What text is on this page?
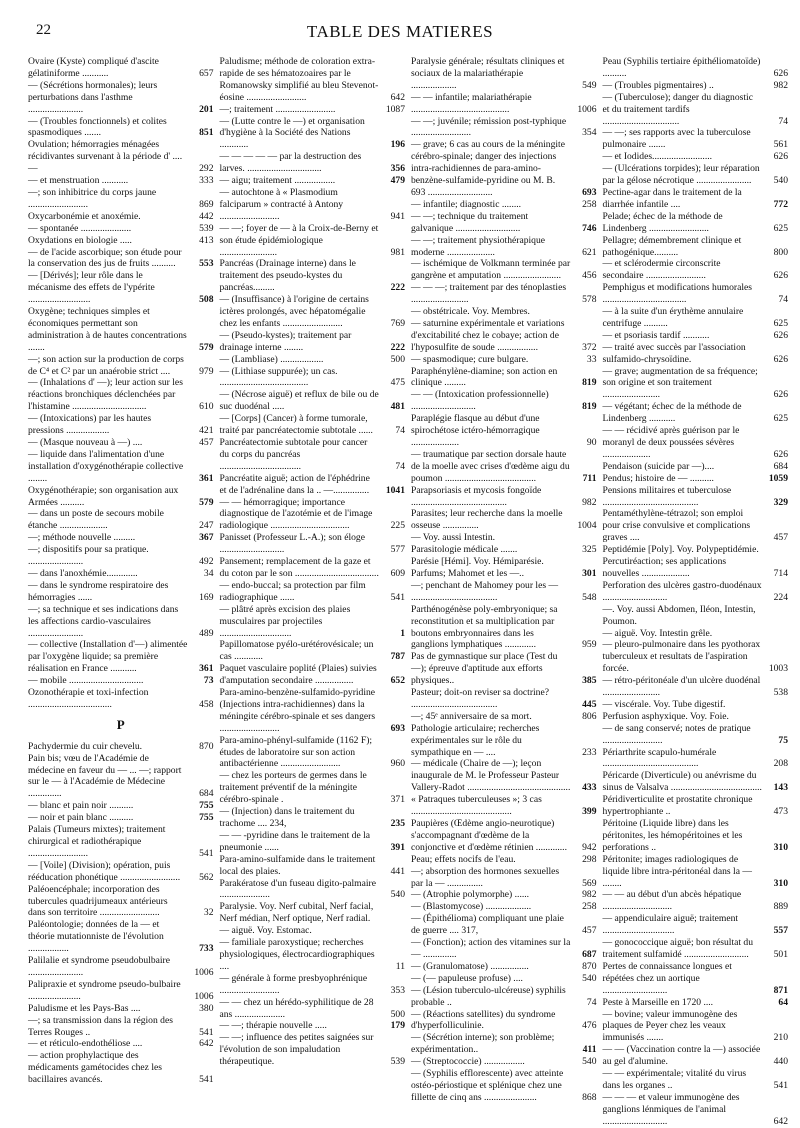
22	TABLE DES MATIERES
Ovaire (Kyste) compliqué d'ascite gélatiniforme ...........	657
— (Sécrétions hormonales); leurs perturbations dans l'asthme .......................	201
— (Troubles fonctionnels) et colites spasmodiques .......	851
Ovulation; hémorragies ménagées récidivantes survenant à la période d' .... —	292
— et menstruation ...........	333
—; son inhibitrice du corps jaune .........................	869
Oxycarbonémie et anoxémie.	442
— spontanée .....................	539
Oxydations en biologie .....	413
— de l'acide ascorbique; son étude pour la conservation des jus de fruits ..........	553
— [Dérivés]; leur rôle dans le mécanisme des effets de l'ypérite ..........................	508
Oxygène; techniques simples et économiques permettant son administration à de hautes concentrations .......	579
—; son action sur la production de corps de C⁴ et C² par un anaérobie strict ....	979
— (Inhalations d' —); leur action sur les réactions bronchiques déclenchées par l'histamine ...............................	610
— (Intoxications) par les hautes pressions ..................	421
— (Masque nouveau à —) ....	457
— liquide dans l'alimentation d'une installation d'oxygénothérapie collective ........	361
Oxygénothérapie; son organisation aux Armées ..........	579
— dans un poste de secours mobile étanche ....................	247
—; méthode nouvelle .........	367
—; dispositifs pour sa pratique. .......................	492
— dans l'anoxhémie.............	34
— dans le syndrome respiratoire des hémorragies ......	169
—; sa technique et ses indications dans les affections cardio-vasculaires .......................	489
— collective (Installation d'—) alimentée par l'oxygène liquide; sa première réalisation en France ...........	361
— mobile ...............................	73
Ozonothérapie et toxi-infection ...................................	458
P
Pachydermie du cuir chevelu.	870
Pain bis; vœu de l'Académie de médecine en faveur du — ... —; rapport sur le — à l'Académie de Médecine ..............	684
— blanc et pain noir ..........	755
— noir et pain blanc ..........	755
Palais (Tumeurs mixtes); traitement chirurgical et radiothérapique .........................	541
— [Voile] (Division); opération, puis rééducation phonétique .........................	562
Paléoencéphale; incorporation des tubercules quadrijumeaux antérieurs dans son territoire .........................	32
Paléontologie; données de la — et théorie mutationniste de l'évolution .................	733
Palilalie et syndrome pseudobulbaire .......................	1006
Palipraxie et syndrome pseudo-bulbaire ......................	1006
Paludisme et les Pays-Bas ....	380
—; sa transmission dans la région des Terres Rouges ..	541
— et réticulo-endothéliose ....	642
— action prophylactique des médicaments gamétocides chez les bacillaires avancés.	541
Paludisme; méthode de coloration extra-rapide de ses hématozoaires par le Romanowsky simplifié au bleu Stevenot-éosine .........................	642
—; traitement .........................	1087
— (Lutte contre le —) et organisation d'hygiène à la Société des Nations ............	196
— — — — — par la destruction des larves. ...............................	356
— aigu; traitement .................	479
— autochtone à « Plasmodium falciparum » contracté à Antony .........................	941
— —; foyer de — à la Croix-de-Berny et son étude épidémiologique ........................	981
Pancréas (Drainage interne) dans le traitement des pseudo-kystes du pancréas.........	222
— (Insuffisance) à l'origine de certains ictères prolongés, avec hépatomégalie chez les enfants .........................	769
— (Pseudo-kystes); traitement par drainage interne ........	222
— (Lambliase) ..................	500
— (Lithiase suppurée); un cas. .....................................	475
— (Nécrose aiguë) et reflux de bile ou de suc duodénal .....	481
— [Corps] (Cancer) à forme tumorale, traité par pancréatectomie subtotale ......	74
Pancréatectomie subtotale pour cancer du corps du pancréas ..................................	74
Pancréatite aiguë; action de l'éphédrine et de l'adrénaline dans la .. —...............	1041
— — hémorragique; importance diagnostique de l'azotémie et de l'image radiologique .................................	225
Panisset (Professeur L.-A.); son éloge ...........................	577
Pansement; remplacement de la gaze et du coton par le son ...................................	609
— endo-buccal; sa protection par film radiographique ......	541
— plâtré après excision des plaies musculaires par projectiles ..............................	1
Papillomatose pyélo-urétérovésicale; un cas ............	787
Paquet vasculaire poplité (Plaies) suivies d'amputation secondaire ................	652
Para-amino-benzène-sulfamido-pyridine (Injections intra-rachidiennes) dans la méningite cérébro-spinale et ses dangers .........................	693
Para-amino-phényl-sulfamide (1162 F); études de laboratoire sur son action antibactérienne .........................	960
— chez les porteurs de germes dans le traitement préventif de la méningite cérébro-spinale .	371
— (Injection) dans le traitement du trachome .... 234,	235
— — -pyridine dans le traitement de la pneumonie ......	391
Para-amino-sulfamide dans le traitement local des plaies.	441
Parakératose d'un fuseau digito-palmaire .....................	540
Paralysie. Voy. Nerf cubital, Nerf facial, Nerf médian, Nerf optique, Nerf radial.
— aiguë. Voy. Estomac.
— familiale paroxystique; recherches physiologiques, électrocardiographiques ....	11
— générale à forme presbyophrénique .........................	353
— — chez un hérédo-syphilitique de 28 ans .....................	500
— —; thérapie nouvelle .....	179
— —; influence des petites saignées sur l'évolution de son impaludation thérapeutique.	539
Paralysie générale; résultats cliniques et sociaux de la malariathérapie ...................	549
— — infantile; malariathérapie .........................................	1006
— —; juvénile; rémission post-typhique .........................	354
— grave; 6 cas au cours de la méningite cérébro-spinale; danger des injections intra-rachidiennes de para-amino-benzène-sulfamide-pyridine ou M. B. 693 ...........................	693
— infantile; diagnostic ........	258
— —; technique du traitement galvanique ...........................	746
— —; traitement physiothérapique moderne ....................	621
— ischémique de Volkmann terminée par gangrène et amputation ........................	456
— — —; traitement par des ténoplasties ........................	578
— obstétricale. Voy. Membres.
— saturnine expérimentale et variations d'excitabilité chez le cobaye; action de l'hyposulfite de soude .................	372
— spasmodique; cure bulgare.	33
Paraphénylène-diamine; son action en clinique .........	819
— — (Intoxication professionnelle) ...........................	819
Paraplégie flasque au début d'une spirochétose ictéro-hémorragique ....................	90
— traumatique par section dorsale haute de la moelle avec crises d'œdème aigu du poumon ......................................	711
Parapsoriasis et mycosis fongoïde ........................................	982
Parasites; leur recherche dans la moelle osseuse ...............	1004
— Voy. aussi Intestin.
Parasitologie médicale .......	325
Parésie [Hémi]. Voy. Hémiparésie.
Parfums; Mahomet et les —..	301
—; penchant de Mahomey pour les — ....................................	548
Parthénogénèse poly-embryonique; sa reconstitution et sa multiplication par boutons embryonnaires dans les ganglions lymphatiques .............	959
Pas de gymnastique sur place (Test du —); épreuve d'aptitude aux efforts physiques..	385
Pasteur; doit-on reviser sa doctrine? ....................................	445
—; 45ᵉ anniversaire de sa mort.	806
Pathologie articulaire; recherches expérimentales sur le rôle du sympathique en — ....	233
— médicale (Chaire de —); leçon inaugurale de M. le Professeur Pasteur Vallery-Radot ...........................................	433
« Patraques tuberculeuses »; 3 cas ..........................................	399
Paupières (Œdème angio-neurotique) s'accompagnant d'œdème de la conjonctive et d'œdème rétinien .............	942
Peau; effets nocifs de l'eau.	298
—; absorption des hormones sexuelles par la — ...............	569
— (Atrophie polymorphe) ......	982
— (Blastomycose) ...................	258
— (Épithélioma) compliquant une plaie de guerre .... 317,	457
— (Fonction); action des vitamines sur la — ..............	687
— (Granulomatose) ................	870
— (— papuleuse profuse) ....	540
— (Lésion tuberculo-ulcéreuse) syphilis probable ..	74
— (Réactions satellites) du syndrome d'hyperfolliculinie.	476
— (Sécrétion interne); son problème; expérimentation..	411
— (Streptococcie) .................	540
— (Syphilis efflorescente) avec atteinte ostéo-périostique et splénique chez une fillette de cinq ans ......................	868
Peau (Syphilis tertiaire épithéliomatoïde) ..........	626
— (Troubles pigmentaires) ..	982
— (Tuberculose); danger du diagnostic et du traitement tardifs ................................	74
— —; ses rapports avec la tuberculose pulmonaire .......	561
— et Iodides.........................	626
— (Ulcérations torpides); leur réparation par la gélose nécrotique .......................	540
Pectine-agar dans le traitement de la diarrhée infantile ....	772
Pelade; échec de la méthode de Lindenberg .........................	625
Pellagre; démembrement clinique et pathogénique..........	800
— et sclérodermie circonscrite secondaire .........................	626
Pemphigus et modifications humorales ...................................	74
— à la suite d'un érythème annulaire centrifuge ..........	625
— et psoriasis tardif ...........	626
— traité avec succès par l'association sulfamido-chrysoïdine.	626
— grave; augmentation de sa fréquence; son origine et son traitement ........................	626
— végétant; échec de la méthode de Lindenberg ...........	625
— — récidivé après guérison par le moranyl de deux poussées sévères ....................	626
Pendaison (suicide par —)....	684
Pendus; histoire de — ..........	1059
Pensions militaires et tuberculose ........................................	329
Pentaméthylène-tétrazol; son emploi pour crise convulsive et complications graves ....	457
Peptidémie [Poly]. Voy. Polypeptidémie.
Percutiréaction; ses applications nouvelles ....................	714
Perforation des ulcères gastro-duodénaux ...........................	224
—. Voy. aussi Abdomen, Iléon, Intestin, Poumon.
— aiguë. Voy. Intestin grêle.
— pleuro-pulmonaire dans les pyothorax tuberculeux et resultats de l'aspiration forcée.	1003
— rétro-péritonéale d'un ulcère duodénal ........................	538
— viscérale. Voy. Tube digestif.
Perfusion asphyxique. Voy. Foie.
— de sang conservé; notes de pratique .........................	75
Périarthrite scapulo-humérale ........................................	208
Péricarde (Diverticule) ou anévrisme du sinus de Valsalva ......................................	143
Péridiverticulite et prostatite chronique hypertrophiante ..	473
Péritoine (Liquide libre) dans les péritonites, les hémopéritoines et les perforations ..	310
Péritonite; images radiologiques de liquide libre intra-péritonéal dans la — ........	310
— — au début d'un abcès hépatique .............................	889
— appendiculaire aiguë; traitement ..............................	557
— gonococcique aiguë; bon résultat du traitement sulfamidé ...........................	501
Pertes de connaissance longues et répétées chez un aortique ...........................	871
Peste à Marseille en 1720 ....	64
— bovine; valeur immunogène des plaques de Peyer chez les veaux immunisés .......	210
— — (Vaccination contre la —) associée au gel d'alumine.	440
— — expérimentale; vitalité du virus dans les organes ..	541
— — — et valeur immunogène des ganglions lénmiques de l'animal ...........................	642
